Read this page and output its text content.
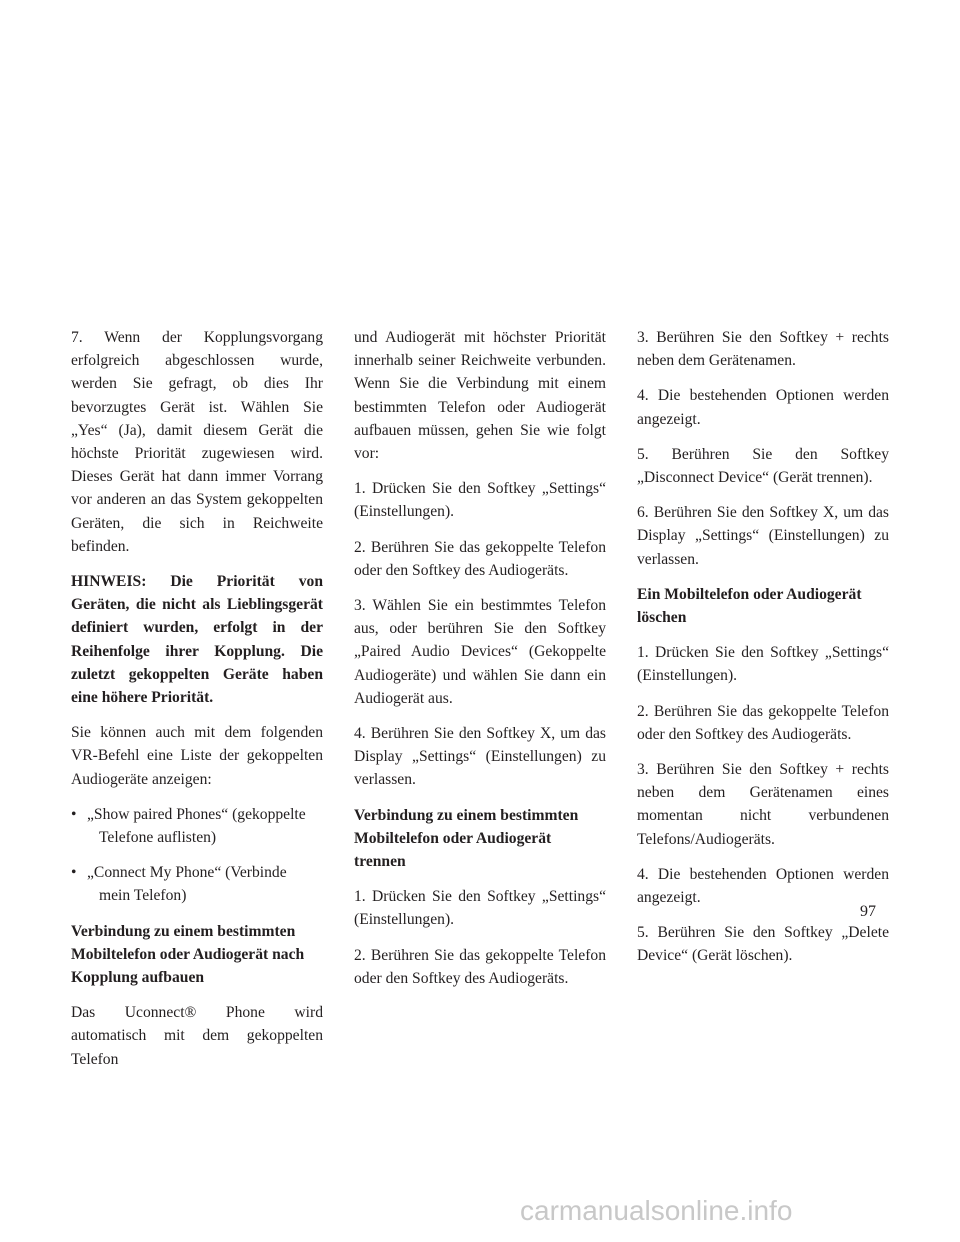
7. Wenn der Kopplungsvorgang erfolgreich abgeschlossen wurde, werden Sie gefragt, ob dies Ihr bevorzugtes Gerät ist. Wählen Sie „Yes“ (Ja), damit diesem Gerät die höchste Priorität zugewiesen wird. Dieses Gerät hat dann immer Vorrang vor anderen an das System gekoppelten Geräten, die sich in Reichweite befinden.

HINWEIS: Die Priorität von Geräten, die nicht als Lieblingsgerät definiert wurden, erfolgt in der Reihenfolge ihrer Kopplung. Die zuletzt gekoppelten Geräte haben eine höhere Priorität.

Sie können auch mit dem folgenden VR-Befehl eine Liste der gekoppelten Audiogeräte anzeigen:

• „Show paired Phones“ (gekoppelte
Telefone auflisten)
• „Connect My Phone“ (Verbinde
mein Telefon)
Verbindung zu einem bestimmten Mobiltelefon oder Audiogerät nach Kopplung aufbauen

Das Uconnect® Phone wird automatisch mit dem gekoppelten Telefon

und Audiogerät mit höchster Priorität innerhalb seiner Reichweite verbunden. Wenn Sie die Verbindung mit einem bestimmten Telefon oder Audiogerät aufbauen müssen, gehen Sie wie folgt vor:

1. Drücken Sie den Softkey „Settings“ (Einstellungen).

2. Berühren Sie das gekoppelte Telefon oder den Softkey des Audiogeräts.

3. Wählen Sie ein bestimmtes Telefon aus, oder berühren Sie den Softkey „Paired Audio Devices“ (Gekoppelte Audiogeräte) und wählen Sie dann ein Audiogerät aus.

4. Berühren Sie den Softkey X, um das Display „Settings“ (Einstellungen) zu verlassen.

Verbindung zu einem bestimmten Mobiltelefon oder Audiogerät trennen

1. Drücken Sie den Softkey „Settings“ (Einstellungen).

2. Berühren Sie das gekoppelte Telefon oder den Softkey des Audiogeräts.

3. Berühren Sie den Softkey + rechts neben dem Gerätenamen.

4. Die bestehenden Optionen werden angezeigt.

5. Berühren Sie den Softkey „Disconnect Device“ (Gerät trennen).

6. Berühren Sie den Softkey X, um das Display „Settings“ (Einstellungen) zu verlassen.

Ein Mobiltelefon oder Audiogerät löschen

1. Drücken Sie den Softkey „Settings“ (Einstellungen).

2. Berühren Sie das gekoppelte Telefon oder den Softkey des Audiogeräts.

3. Berühren Sie den Softkey + rechts neben dem Gerätenamen eines momentan nicht verbundenen Telefons/Audiogeräts.

4. Die bestehenden Optionen werden angezeigt.

5. Berühren Sie den Softkey „Delete Device“ (Gerät löschen).

97
carmanualsonline.info
